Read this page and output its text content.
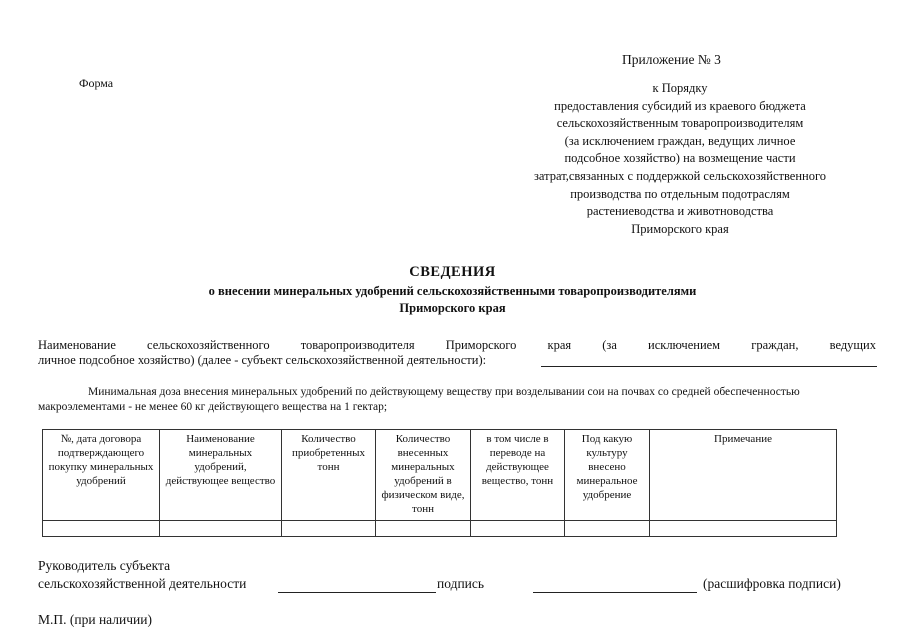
Форма
Приложение № 3
к Порядку
предоставления субсидий из краевого бюджета
сельскохозяйственным товаропроизводителям
(за исключением граждан, ведущих личное
подсобное хозяйство) на возмещение части
затрат,связанных с поддержкой сельскохозяйственного
производства по отдельным подотраслям
растениеводства и животноводства
Приморского края
СВЕДЕНИЯ
о внесении минеральных удобрений сельскохозяйственными товаропроизводителями
Приморского края
Наименование сельскохозяйственного товаропроизводителя Приморского края (за исключением граждан, ведущих
личное подсобное хозяйство) (далее - субъект сельскохозяйственной деятельности):
Минимальная доза внесения минеральных удобрений по действующему веществу при возделывании сои на почвах со средней обеспеченностью макроэлементами - не менее 60 кг действующего вещества на 1 гектар;
№, дата договора подтверждающего покупку минеральных удобрений	Наименование минеральных удобрений, действующее вещество	Количество приобретенных тонн	Количество внесенных минеральных удобрений в физическом виде, тонн	в том числе в переводе на действующее вещество, тонн	Под какую культуру внесено минеральное удобрение	Примечание

Руководитель субъекта
сельскохозяйственной деятельности	подпись	(расшифровка подписи)
М.П. (при наличии)
